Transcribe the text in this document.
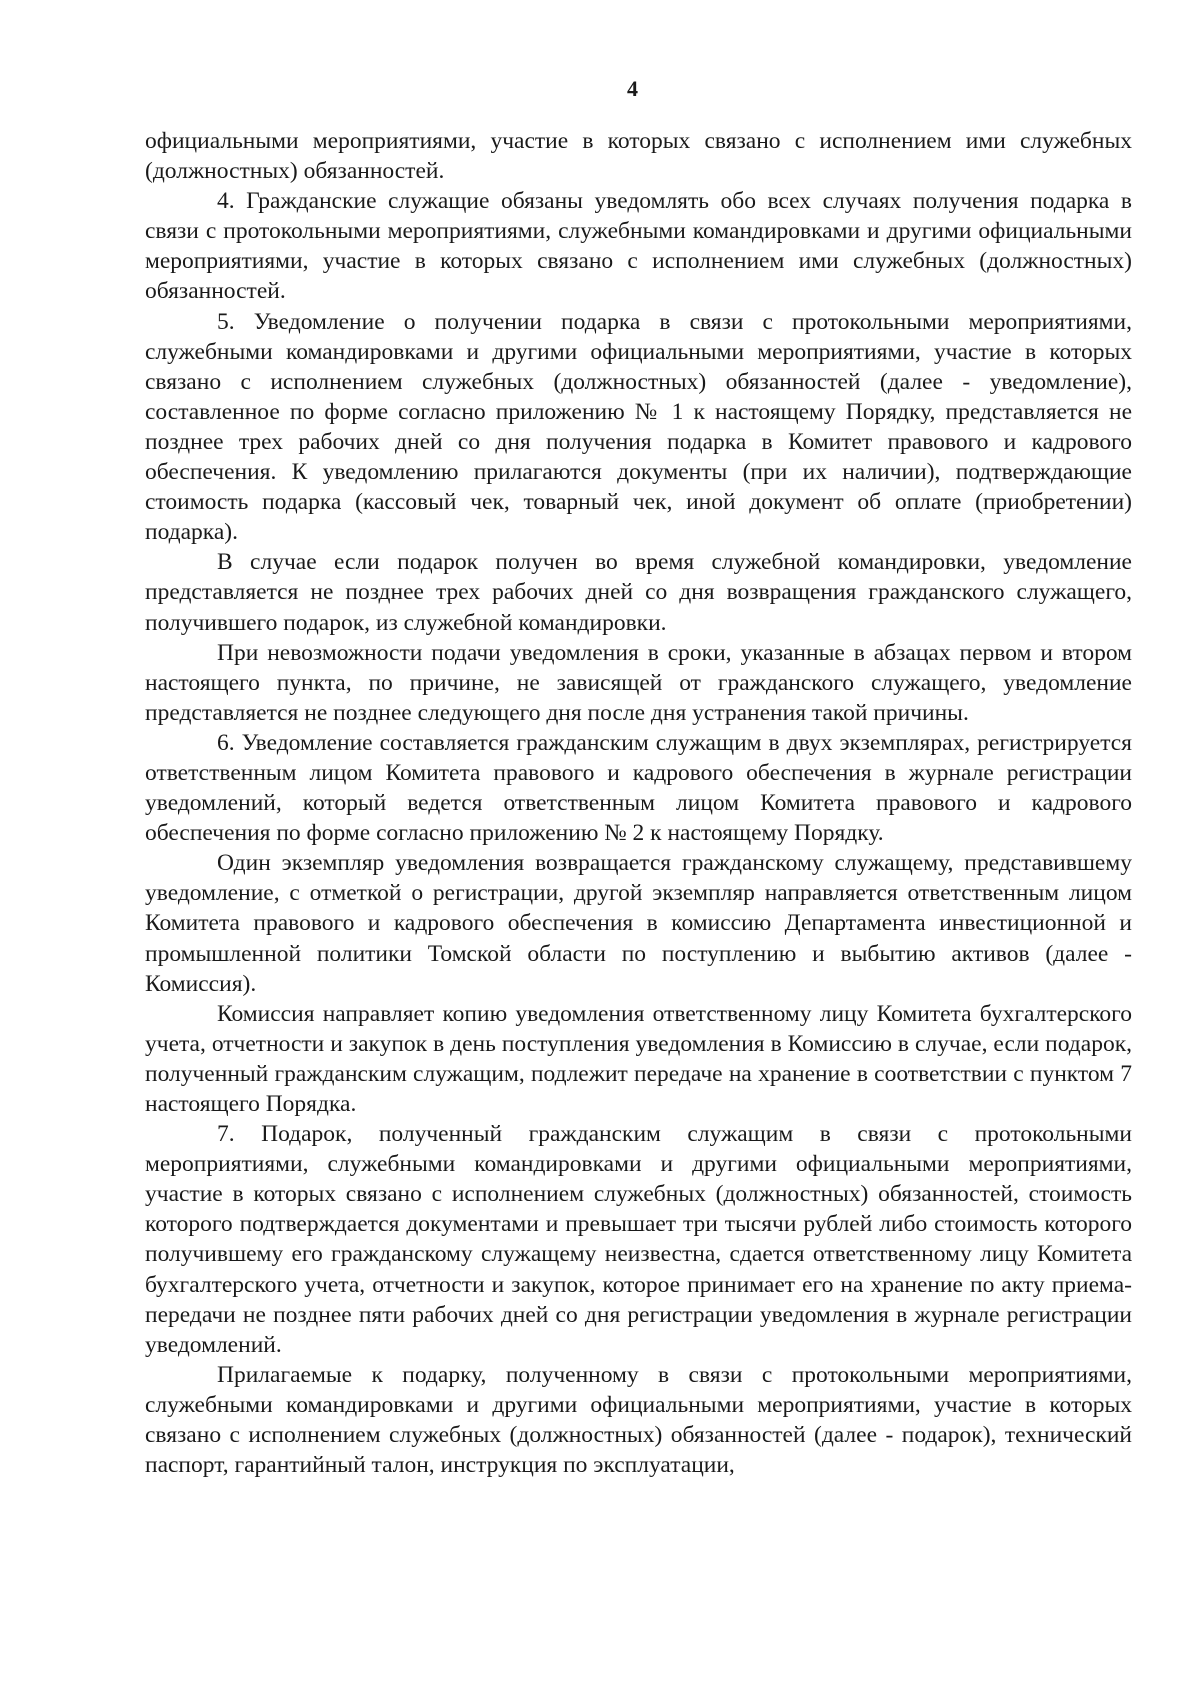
4

официальными мероприятиями, участие в которых связано с исполнением ими служебных (должностных) обязанностей.

4. Гражданские служащие обязаны уведомлять обо всех случаях получения подарка в связи с протокольными мероприятиями, служебными командировками и другими официальными мероприятиями, участие в которых связано с исполнением ими служебных (должностных) обязанностей.

5. Уведомление о получении подарка в связи с протокольными мероприятиями, служебными командировками и другими официальными мероприятиями, участие в которых связано с исполнением служебных (должностных) обязанностей (далее - уведомление), составленное по форме согласно приложению № 1 к настоящему Порядку, представляется не позднее трех рабочих дней со дня получения подарка в Комитет правового и кадрового обеспечения. К уведомлению прилагаются документы (при их наличии), подтверждающие стоимость подарка (кассовый чек, товарный чек, иной документ об оплате (приобретении) подарка).

В случае если подарок получен во время служебной командировки, уведомление представляется не позднее трех рабочих дней со дня возвращения гражданского служащего, получившего подарок, из служебной командировки.

При невозможности подачи уведомления в сроки, указанные в абзацах первом и втором настоящего пункта, по причине, не зависящей от гражданского служащего, уведомление представляется не позднее следующего дня после дня устранения такой причины.

6. Уведомление составляется гражданским служащим в двух экземплярах, регистрируется ответственным лицом Комитета правового и кадрового обеспечения в журнале регистрации уведомлений, который ведется ответственным лицом Комитета правового и кадрового обеспечения по форме согласно приложению № 2 к настоящему Порядку.

Один экземпляр уведомления возвращается гражданскому служащему, представившему уведомление, с отметкой о регистрации, другой экземпляр направляется ответственным лицом Комитета правового и кадрового обеспечения в комиссию Департамента инвестиционной и промышленной политики Томской области по поступлению и выбытию активов (далее - Комиссия).

Комиссия направляет копию уведомления ответственному лицу Комитета бухгалтерского учета, отчетности и закупок в день поступления уведомления в Комиссию в случае, если подарок, полученный гражданским служащим, подлежит передаче на хранение в соответствии с пунктом 7 настоящего Порядка.

7. Подарок, полученный гражданским служащим в связи с протокольными мероприятиями, служебными командировками и другими официальными мероприятиями, участие в которых связано с исполнением служебных (должностных) обязанностей, стоимость которого подтверждается документами и превышает три тысячи рублей либо стоимость которого получившему его гражданскому служащему неизвестна, сдается ответственному лицу Комитета бухгалтерского учета, отчетности и закупок, которое принимает его на хранение по акту приема-передачи не позднее пяти рабочих дней со дня регистрации уведомления в журнале регистрации уведомлений.

Прилагаемые к подарку, полученному в связи с протокольными мероприятиями, служебными командировками и другими официальными мероприятиями, участие в которых связано с исполнением служебных (должностных) обязанностей (далее - подарок), технический паспорт, гарантийный талон, инструкция по эксплуатации,
